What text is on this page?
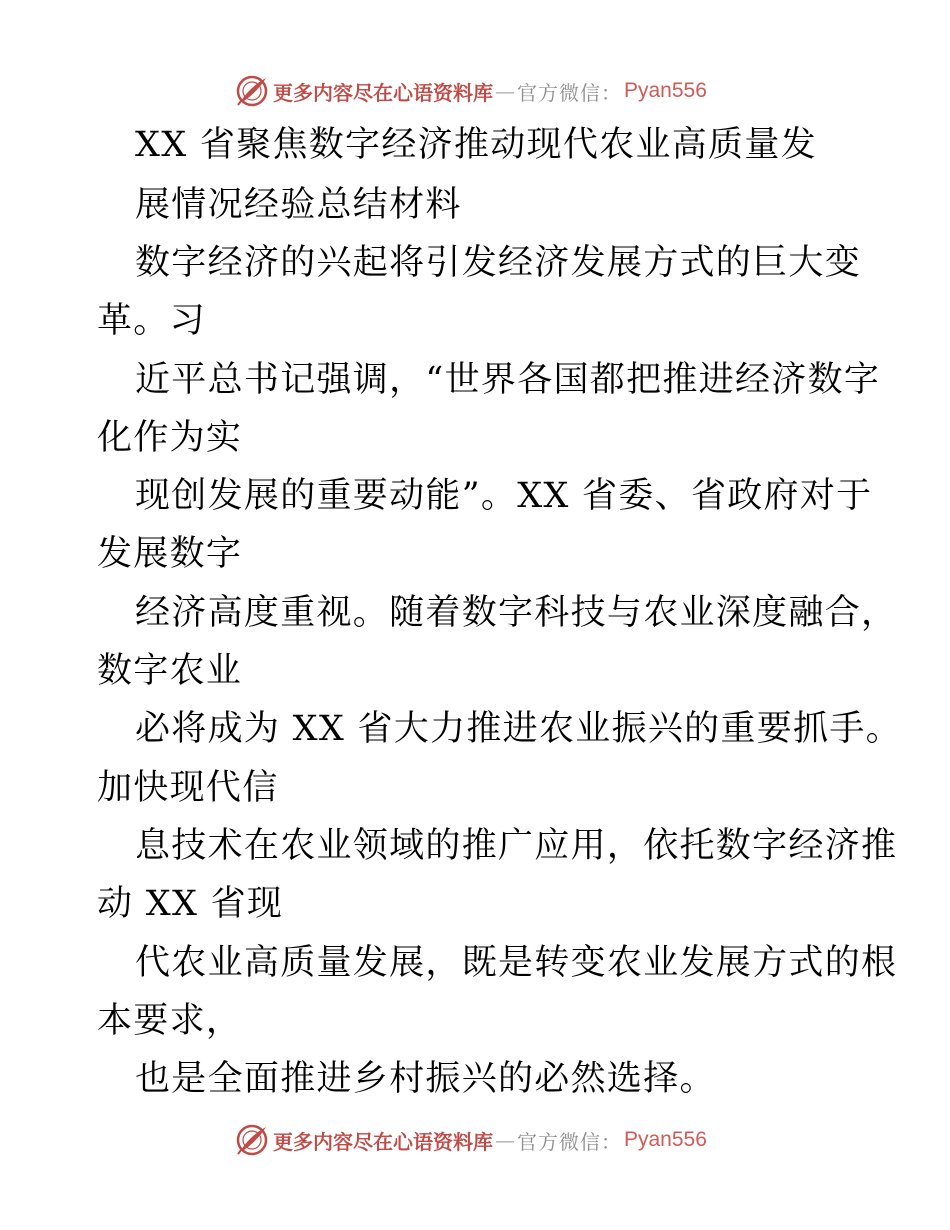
更多内容尽在心语资料库 — 官方微信： Pyan556
XX 省聚焦数字经济推动现代农业高质量发
展情况经验总结材料
数字经济的兴起将引发经济发展方式的巨大变
革。习
近平总书记强调，“世界各国都把推进经济数字
化作为实
现创发展的重要动能”。XX 省委、省政府对于
发展数字
经济高度重视。随着数字科技与农业深度融合，
数字农业
必将成为 XX 省大力推进农业振兴的重要抓手。
加快现代信
息技术在农业领域的推广应用，依托数字经济推
动 XX 省现
代农业高质量发展，既是转变农业发展方式的根
本要求，
也是全面推进乡村振兴的必然选择。
更多内容尽在心语资料库 — 官方微信： Pyan556
